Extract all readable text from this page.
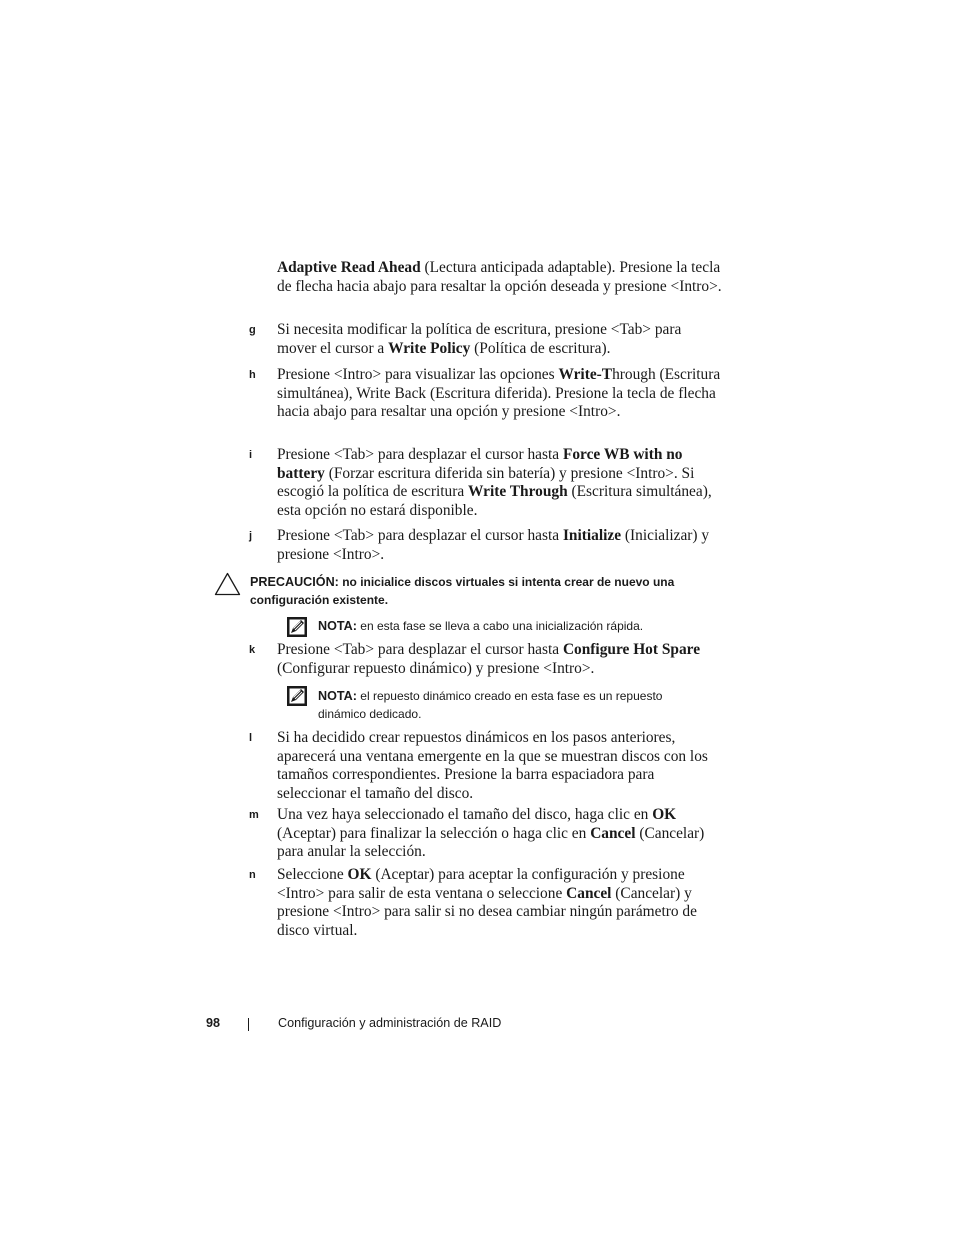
Adaptive Read Ahead (Lectura anticipada adaptable). Presione la tecla de flecha hacia abajo para resaltar la opción deseada y presione <Intro>.
g Si necesita modificar la política de escritura, presione <Tab> para mover el cursor a Write Policy (Política de escritura).
h Presione <Intro> para visualizar las opciones Write-Through (Escritura simultánea), Write Back (Escritura diferida). Presione la tecla de flecha hacia abajo para resaltar una opción y presione <Intro>.
i Presione <Tab> para desplazar el cursor hasta Force WB with no battery (Forzar escritura diferida sin batería) y presione <Intro>. Si escogió la política de escritura Write Through (Escritura simultánea), esta opción no estará disponible.
j Presione <Tab> para desplazar el cursor hasta Initialize (Inicializar) y presione <Intro>.
PRECAUCIÓN: no inicialice discos virtuales si intenta crear de nuevo una configuración existente.
NOTA: en esta fase se lleva a cabo una inicialización rápida.
k Presione <Tab> para desplazar el cursor hasta Configure Hot Spare (Configurar repuesto dinámico) y presione <Intro>.
NOTA: el repuesto dinámico creado en esta fase es un repuesto dinámico dedicado.
l Si ha decidido crear repuestos dinámicos en los pasos anteriores, aparecerá una ventana emergente en la que se muestran discos con los tamaños correspondientes. Presione la barra espaciadora para seleccionar el tamaño del disco.
m Una vez haya seleccionado el tamaño del disco, haga clic en OK (Aceptar) para finalizar la selección o haga clic en Cancel (Cancelar) para anular la selección.
n Seleccione OK (Aceptar) para aceptar la configuración y presione <Intro> para salir de esta ventana o seleccione Cancel (Cancelar) y presione <Intro> para salir si no desea cambiar ningún parámetro de disco virtual.
98	Configuración y administración de RAID
